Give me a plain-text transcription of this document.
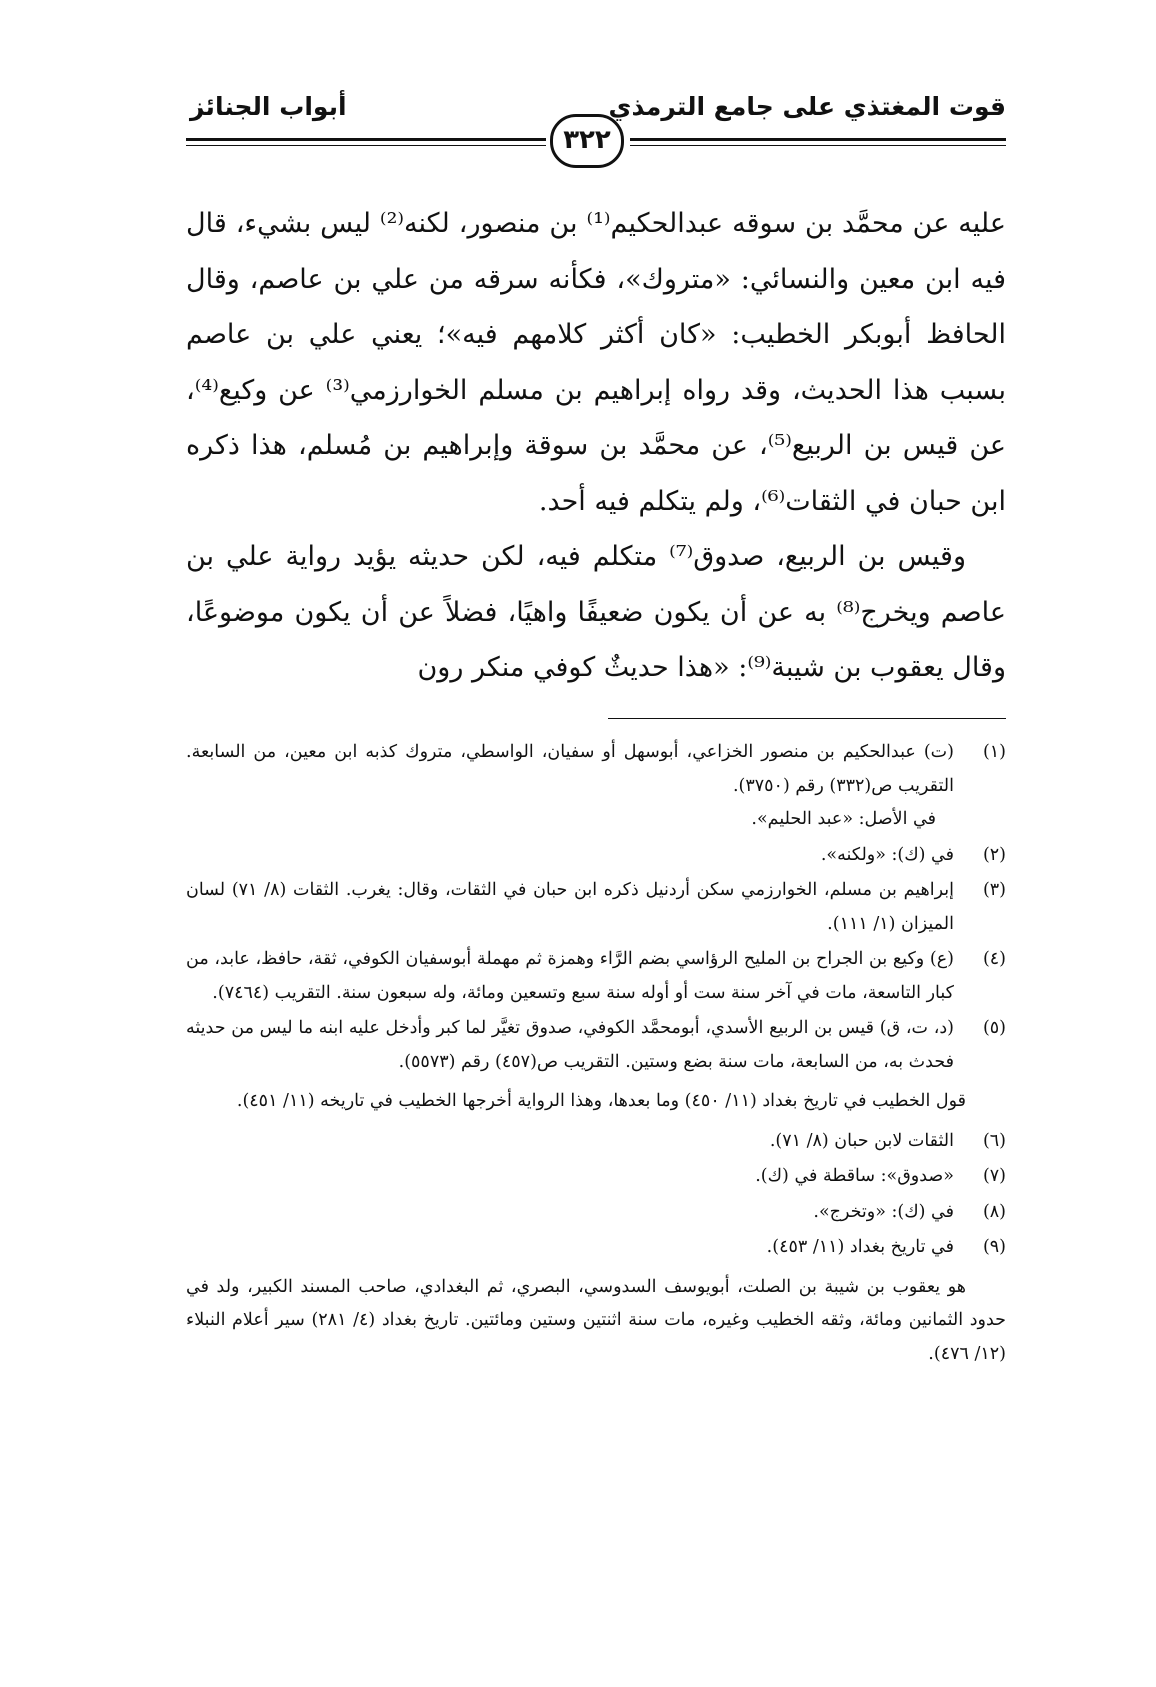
قوت المغتذي على جامع الترمذي
أبواب الجنائز
٣٢٢

عليه عن محمَّد بن سوقه عبدالحكيم⁽¹⁾ بن منصور، لكنه⁽²⁾ ليس بشيء، قال فيه ابن معين والنسائي: «متروك»، فكأنه سرقه من علي بن عاصم، وقال الحافظ أبوبكر الخطيب: «كان أكثر كلامهم فيه»؛ يعني علي بن عاصم بسبب هذا الحديث، وقد رواه إبراهيم بن مسلم الخوارزمي⁽³⁾ عن وكيع⁽⁴⁾، عن قيس بن الربيع⁽⁵⁾، عن محمَّد بن سوقة وإبراهيم بن مُسلم، هذا ذكره ابن حبان في الثقات⁽⁶⁾، ولم يتكلم فيه أحد.

وقيس بن الربيع، صدوق⁽⁷⁾ متكلم فيه، لكن حديثه يؤيد رواية علي بن عاصم ويخرج⁽⁸⁾ به عن أن يكون ضعيفًا واهيًا، فضلاً عن أن يكون موضوعًا، وقال يعقوب بن شيبة⁽⁹⁾: «هذا حديثٌ كوفي منكر رون

(١)
(ت) عبدالحكيم بن منصور الخزاعي، أبوسهل أو سفيان، الواسطي، متروك كذبه ابن معين، من السابعة. التقريب ص(٣٣٢) رقم (٣٧٥٠).
في الأصل: «عبد الحليم».
(٢)
في (ك): «ولكنه».
(٣)
إبراهيم بن مسلم، الخوارزمي سكن أردنيل ذكره ابن حبان في الثقات، وقال: يغرب. الثقات (٨/ ٧١) لسان الميزان (١/ ١١١).
(٤)
(ع) وكيع بن الجراح بن المليح الرؤاسي بضم الرَّاء وهمزة ثم مهملة أبوسفيان الكوفي، ثقة، حافظ، عابد، من كبار التاسعة، مات في آخر سنة ست أو أوله سنة سبع وتسعين ومائة، وله سبعون سنة. التقريب (٧٤٦٤).
(٥)
(د، ت، ق) قيس بن الربيع الأسدي، أبومحمَّد الكوفي، صدوق تغيَّر لما كبر وأدخل عليه ابنه ما ليس من حديثه فحدث به، من السابعة، مات سنة بضع وستين. التقريب ص(٤٥٧) رقم (٥٥٧٣).
قول الخطيب في تاريخ بغداد (١١/ ٤٥٠) وما بعدها، وهذا الرواية أخرجها الخطيب في تاريخه (١١/ ٤٥١).
(٦)
الثقات لابن حبان (٨/ ٧١).
(٧)
«صدوق»: ساقطة في (ك).
(٨)
في (ك): «وتخرج».
(٩)
في تاريخ بغداد (١١/ ٤٥٣).
هو يعقوب بن شيبة بن الصلت، أبويوسف السدوسي، البصري، ثم البغدادي، صاحب المسند الكبير، ولد في حدود الثمانين ومائة، وثقه الخطيب وغيره، مات سنة اثنتين وستين ومائتين. تاريخ بغداد (٤/ ٢٨١) سير أعلام النبلاء (١٢/ ٤٧٦).
